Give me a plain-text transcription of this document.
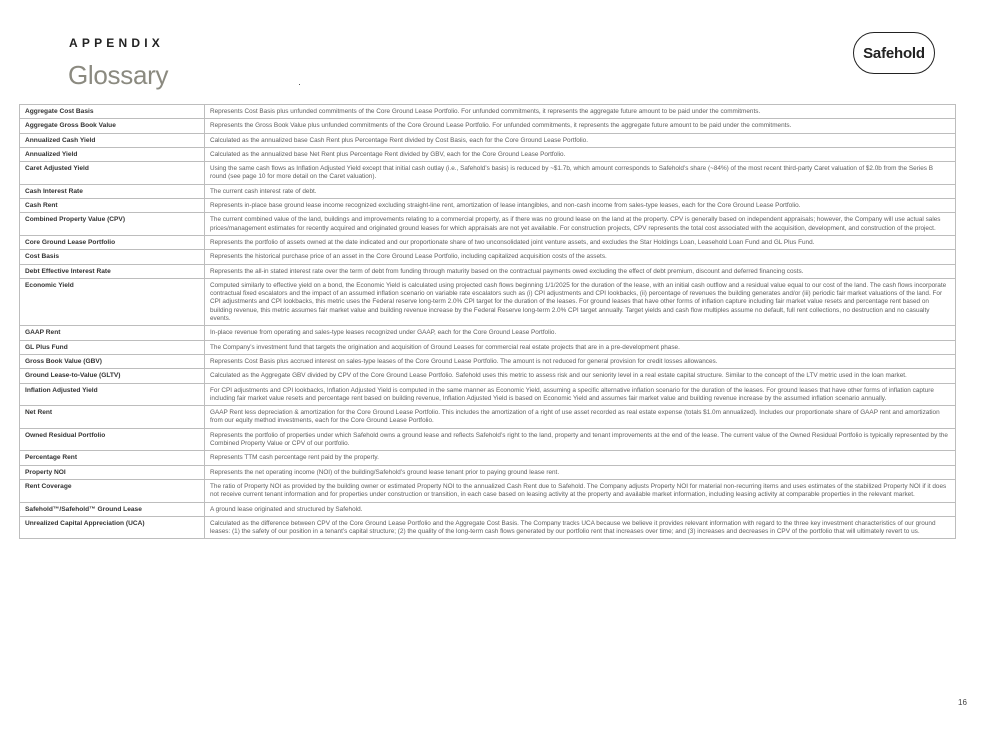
APPENDIX
Glossary
Safehold
Aggregate Cost Basis	Represents Cost Basis plus unfunded commitments of the Core Ground Lease Portfolio. For unfunded commitments, it represents the aggregate future amount to be paid under the commitments.
Aggregate Gross Book Value	Represents the Gross Book Value plus unfunded commitments of the Core Ground Lease Portfolio. For unfunded commitments, it represents the aggregate future amount to be paid under the commitments.
Annualized Cash Yield	Calculated as the annualized base Cash Rent plus Percentage Rent divided by Cost Basis, each for the Core Ground Lease Portfolio.
Annualized Yield	Calculated as the annualized base Net Rent plus Percentage Rent divided by GBV, each for the Core Ground Lease Portfolio.
Caret Adjusted Yield	Using the same cash flows as Inflation Adjusted Yield except that initial cash outlay (i.e., Safehold’s basis) is reduced by ~$1.7b, which amount corresponds to Safehold’s share (~84%) of the most recent third-party Caret valuation of $2.0b from the Series B round (see page 10 for more detail on the Caret valuation).
Cash Interest Rate	The current cash interest rate of debt.
Cash Rent	Represents in-place base ground lease income recognized excluding straight-line rent, amortization of lease intangibles, and non-cash income from sales-type leases, each for the Core Ground Lease Portfolio.
Combined Property Value (CPV)	The current combined value of the land, buildings and improvements relating to a commercial property, as if there was no ground lease on the land at the property. CPV is generally based on independent appraisals; however, the Company will use actual sales prices/management estimates for recently acquired and originated ground leases for which appraisals are not yet available. For construction projects, CPV represents the total cost associated with the acquisition, development, and construction of the project.
Core Ground Lease Portfolio	Represents the portfolio of assets owned at the date indicated and our proportionate share of two unconsolidated joint venture assets, and excludes the Star Holdings Loan, Leasehold Loan Fund and GL Plus Fund.
Cost Basis	Represents the historical purchase price of an asset in the Core Ground Lease Portfolio, including capitalized acquisition costs of the assets.
Debt Effective Interest Rate	Represents the all-in stated interest rate over the term of debt from funding through maturity based on the contractual payments owed excluding the effect of debt premium, discount and deferred financing costs.
Economic Yield	Computed similarly to effective yield on a bond, the Economic Yield is calculated using projected cash flows beginning 1/1/2025 for the duration of the lease, with an initial cash outflow and a residual value equal to our cost of the land. The cash flows incorporate contractual fixed escalators and the impact of an assumed inflation scenario on variable rate escalators such as (i) CPI adjustments and CPI lookbacks, (ii) percentage of revenues the building generates and/or (iii) periodic fair market valuations of the land. For CPI adjustments and CPI lookbacks, this metric uses the Federal reserve long-term 2.0% CPI target for the duration of the leases. For ground leases that have other forms of inflation capture including fair market value resets and percentage rent based on building revenue, this metric assumes fair market value and building revenue increase by the Federal Reserve long-term 2.0% CPI target annually. Target yields and cash flow multiples assume no default, full rent collections, no destruction and no casualty events.
GAAP Rent	In-place revenue from operating and sales-type leases recognized under GAAP, each for the Core Ground Lease Portfolio.
GL Plus Fund	The Company’s investment fund that targets the origination and acquisition of Ground Leases for commercial real estate projects that are in a pre-development phase.
Gross Book Value (GBV)	Represents Cost Basis plus accrued interest on sales-type leases of the Core Ground Lease Portfolio. The amount is not reduced for general provision for credit losses allowances.
Ground Lease-to-Value (GLTV)	Calculated as the Aggregate GBV divided by CPV of the Core Ground Lease Portfolio. Safehold uses this metric to assess risk and our seniority level in a real estate capital structure. Similar to the concept of the LTV metric used in the loan market.
Inflation Adjusted Yield	For CPI adjustments and CPI lookbacks, Inflation Adjusted Yield is computed in the same manner as Economic Yield, assuming a specific alternative inflation scenario for the duration of the leases. For ground leases that have other forms of inflation capture including fair market value resets and percentage rent based on building revenue, Inflation Adjusted Yield is based on Economic Yield and assumes fair market value and building revenue increase by the assumed inflation scenario annually.
Net Rent	GAAP Rent less depreciation & amortization for the Core Ground Lease Portfolio. This includes the amortization of a right of use asset recorded as real estate expense (totals $1.0m annualized). Includes our proportionate share of GAAP rent and amortization from our equity method investments, each for the Core Ground Lease Portfolio.
Owned Residual Portfolio	Represents the portfolio of properties under which Safehold owns a ground lease and reflects Safehold’s right to the land, property and tenant improvements at the end of the lease. The current value of the Owned Residual Portfolio is typically represented by the Combined Property Value or CPV of our portfolio.
Percentage Rent	Represents TTM cash percentage rent paid by the property.
Property NOI	Represents the net operating income (NOI) of the building/Safehold’s ground lease tenant prior to paying ground lease rent.
Rent Coverage	The ratio of Property NOI as provided by the building owner or estimated Property NOI to the annualized Cash Rent due to Safehold. The Company adjusts Property NOI for material non-recurring items and uses estimates of the stabilized Property NOI if it does not receive current tenant information and for properties under construction or transition, in each case based on leasing activity at the property and available market information, including leasing activity at comparable properties in the relevant market.
Safehold™/Safehold™ Ground Lease	A ground lease originated and structured by Safehold.
Unrealized Capital Appreciation (UCA)	Calculated as the difference between CPV of the Core Ground Lease Portfolio and the Aggregate Cost Basis. The Company tracks UCA because we believe it provides relevant information with regard to the three key investment characteristics of our ground leases: (1) the safety of our position in a tenant’s capital structure; (2) the quality of the long-term cash flows generated by our portfolio rent that increases over time; and (3) increases and decreases in CPV of the portfolio that will ultimately revert to us.
16
